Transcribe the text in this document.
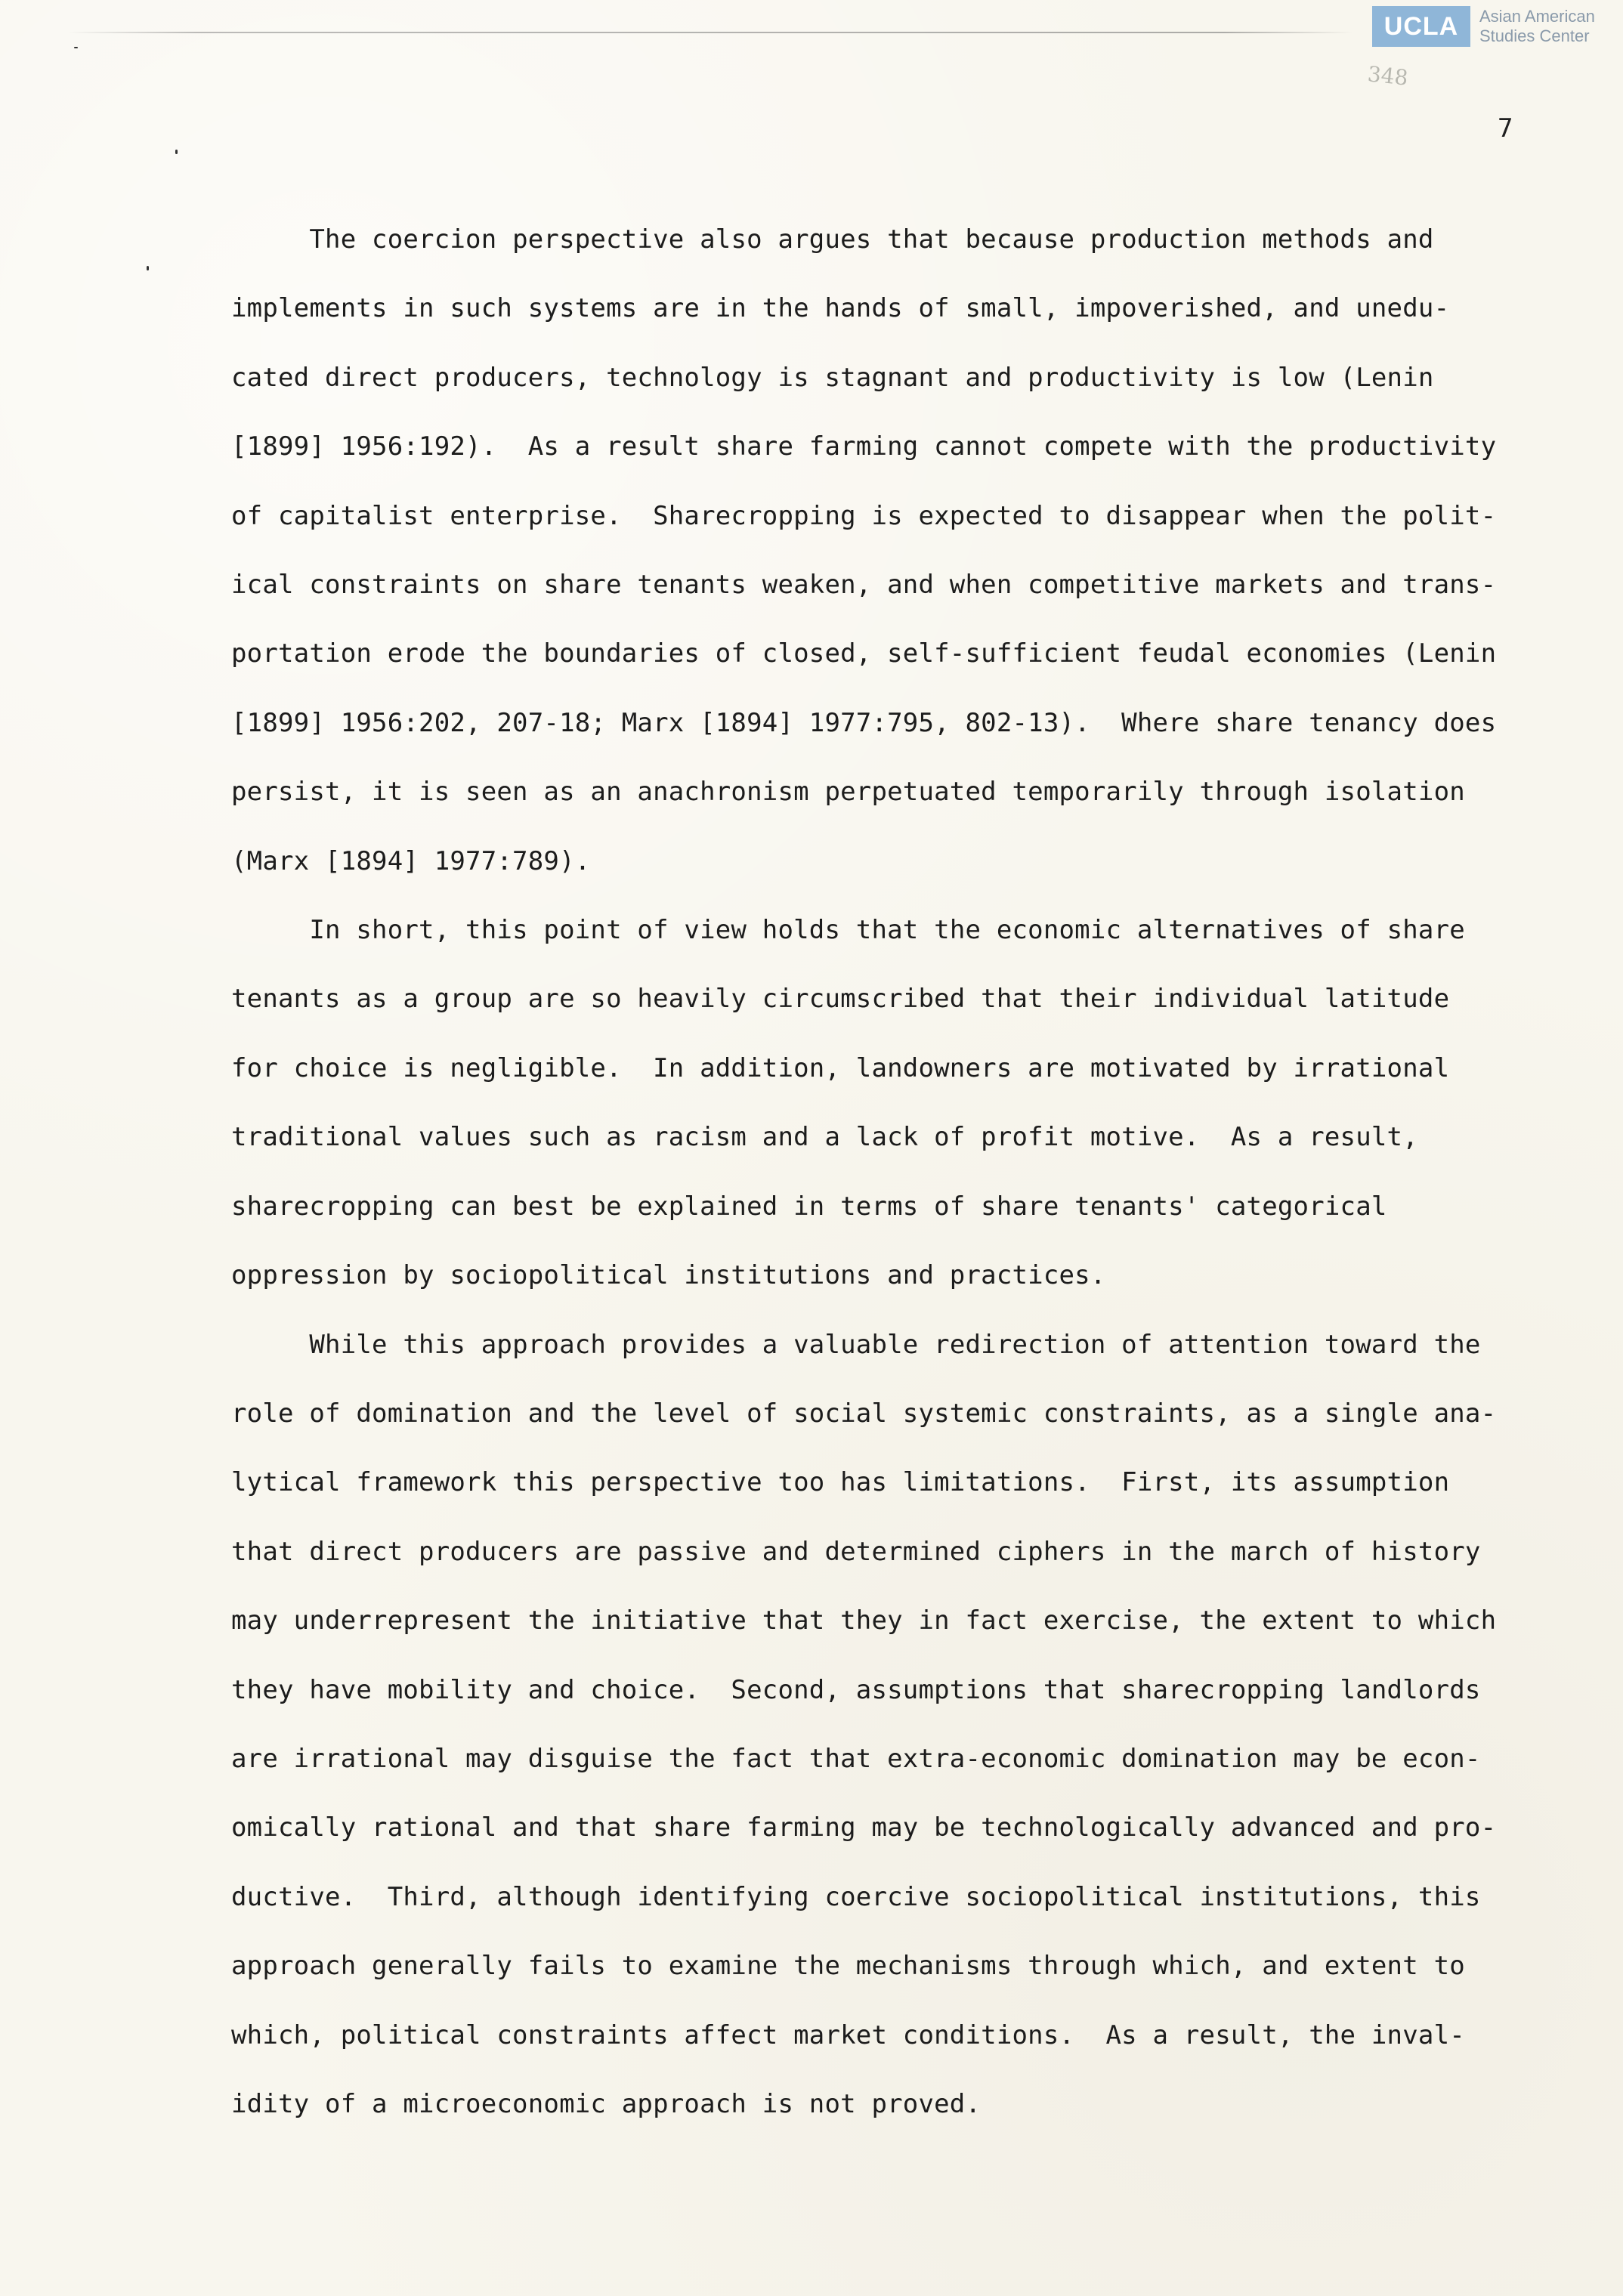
UCLA	Asian American
Studies Center
348
7

The coercion perspective also argues that because production methods and
implements in such systems are in the hands of small, impoverished, and unedu-
cated direct producers, technology is stagnant and productivity is low (Lenin
[1899] 1956:192).  As a result share farming cannot compete with the productivity
of capitalist enterprise.  Sharecropping is expected to disappear when the polit-
ical constraints on share tenants weaken, and when competitive markets and trans-
portation erode the boundaries of closed, self-sufficient feudal economies (Lenin
[1899] 1956:202, 207-18; Marx [1894] 1977:795, 802-13).  Where share tenancy does
persist, it is seen as an anachronism perpetuated temporarily through isolation
(Marx [1894] 1977:789).

In short, this point of view holds that the economic alternatives of share
tenants as a group are so heavily circumscribed that their individual latitude
for choice is negligible.  In addition, landowners are motivated by irrational
traditional values such as racism and a lack of profit motive.  As a result,
sharecropping can best be explained in terms of share tenants' categorical
oppression by sociopolitical institutions and practices.

While this approach provides a valuable redirection of attention toward the
role of domination and the level of social systemic constraints, as a single ana-
lytical framework this perspective too has limitations.  First, its assumption
that direct producers are passive and determined ciphers in the march of history
may underrepresent the initiative that they in fact exercise, the extent to which
they have mobility and choice.  Second, assumptions that sharecropping landlords
are irrational may disguise the fact that extra-economic domination may be econ-
omically rational and that share farming may be technologically advanced and pro-
ductive.  Third, although identifying coercive sociopolitical institutions, this
approach generally fails to examine the mechanisms through which, and extent to
which, political constraints affect market conditions.  As a result, the inval-
idity of a microeconomic approach is not proved.
